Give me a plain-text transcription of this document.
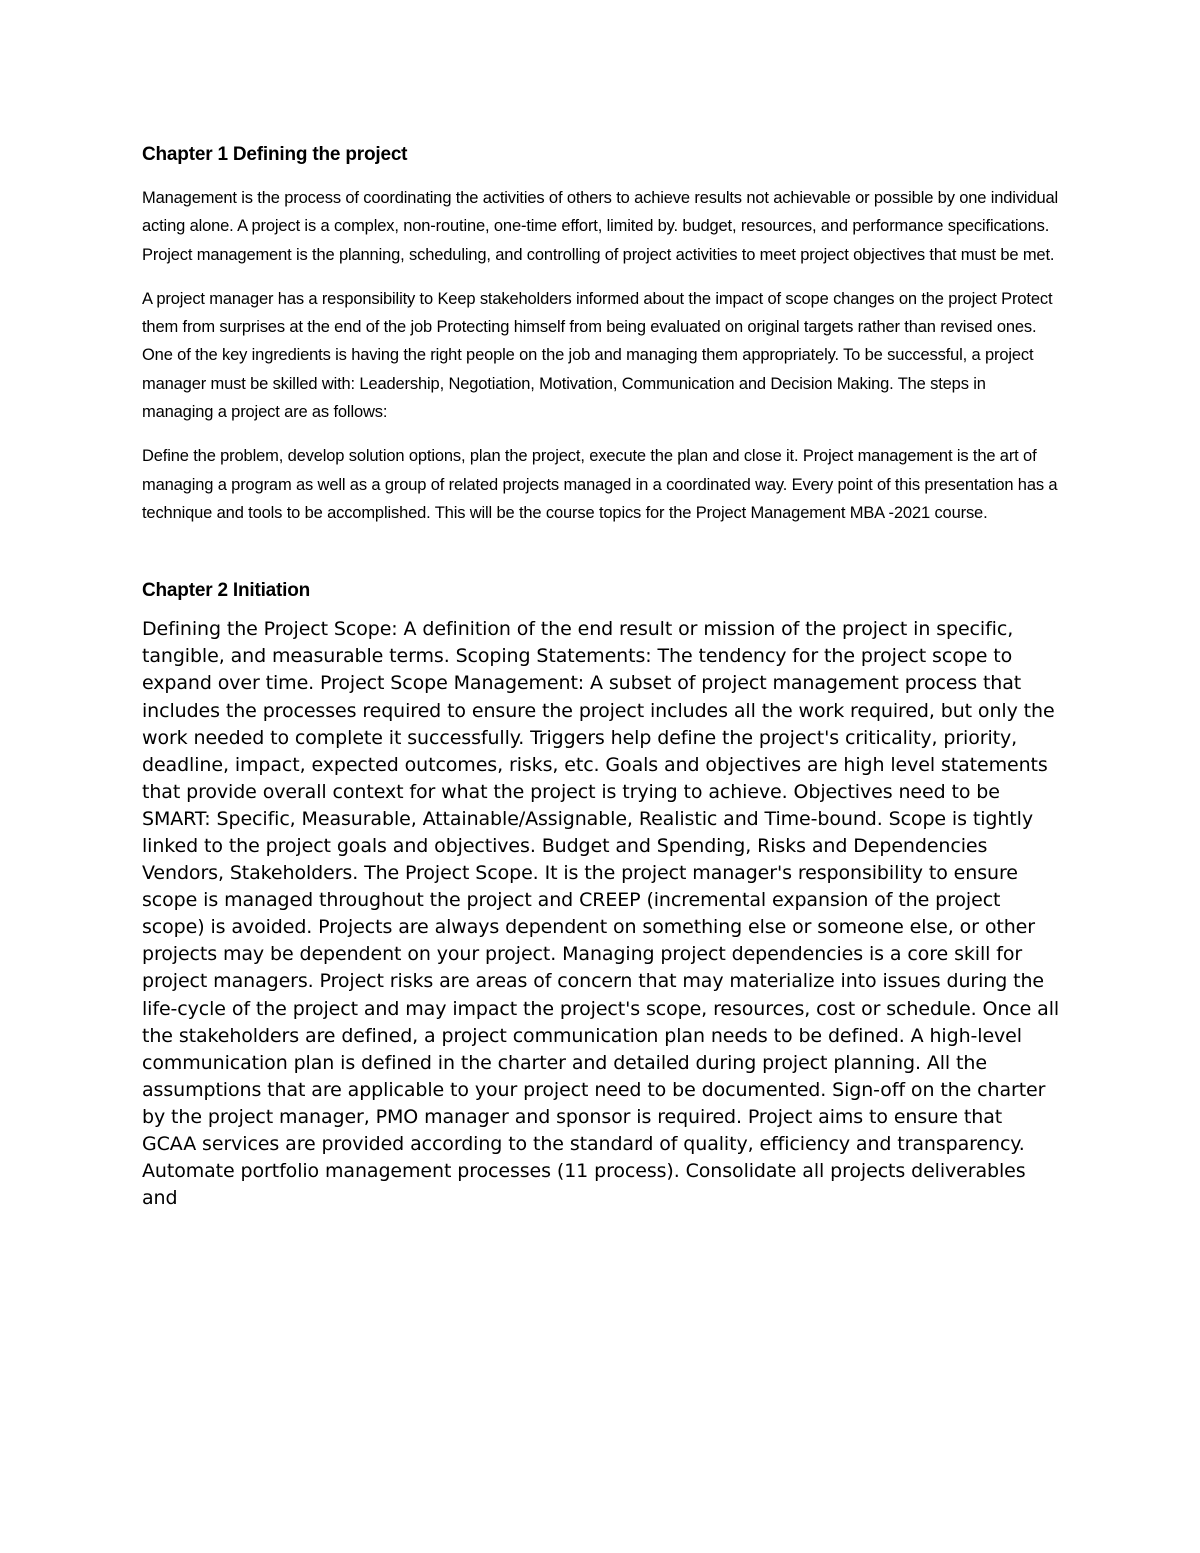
Chapter 1 Defining the project

Management is the process of coordinating the activities of others to achieve results not achievable or possible by one individual acting alone. A project is a complex, non-routine, one-time effort, limited by. budget, resources, and performance specifications. Project management is the planning, scheduling, and controlling of project activities to meet project objectives that must be met.

A project manager has a responsibility to Keep stakeholders informed about the impact of scope changes on the project Protect them from surprises at the end of the job Protecting himself from being evaluated on original targets rather than revised ones. One of the key ingredients is having the right people on the job and managing them appropriately. To be successful, a project manager must be skilled with: Leadership, Negotiation, Motivation, Communication and Decision Making. The steps in managing a project are as follows:

Define the problem, develop solution options, plan the project, execute the plan and close it. Project management is the art of managing a program as well as a group of related projects managed in a coordinated way. Every point of this presentation has a technique and tools to be accomplished. This will be the course topics for the Project Management MBA -2021 course.

Chapter 2 Initiation

Defining the Project Scope: A definition of the end result or mission of the project in specific, tangible, and measurable terms. Scoping Statements: The tendency for the project scope to expand over time. Project Scope Management: A subset of project management process that includes the processes required to ensure the project includes all the work required, but only the work needed to complete it successfully. Triggers help define the project's criticality, priority, deadline, impact, expected outcomes, risks, etc. Goals and objectives are high level statements that provide overall context for what the project is trying to achieve. Objectives need to be SMART: Specific, Measurable, Attainable/Assignable, Realistic and Time-bound. Scope is tightly linked to the project goals and objectives. Budget and Spending, Risks and Dependencies Vendors, Stakeholders. The Project Scope. It is the project manager's responsibility to ensure scope is managed throughout the project and CREEP (incremental expansion of the project scope) is avoided. Projects are always dependent on something else or someone else, or other projects may be dependent on your project. Managing project dependencies is a core skill for project managers. Project risks are areas of concern that may materialize into issues during the life-cycle of the project and may impact the project's scope, resources, cost or schedule. Once all the stakeholders are defined, a project communication plan needs to be defined. A high-level communication plan is defined in the charter and detailed during project planning. All the assumptions that are applicable to your project need to be documented. Sign-off on the charter by the project manager, PMO manager and sponsor is required. Project aims to ensure that GCAA services are provided according to the standard of quality, efficiency and transparency. Automate portfolio management processes (11 process). Consolidate all projects deliverables and
